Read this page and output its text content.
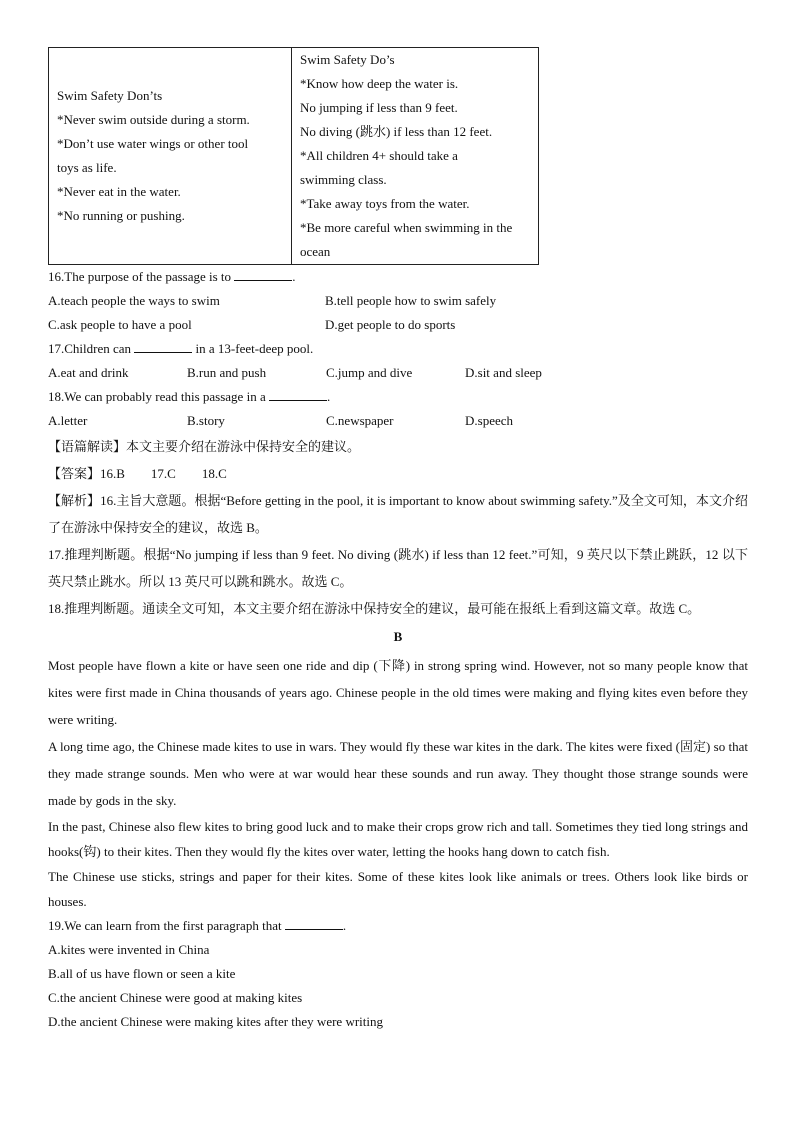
Swim Safety Don’ts
*Never swim outside during a storm.
*Don’t use water wings or other tool
toys as life.
*Never eat in the water.
*No running or pushing.

Swim Safety Do’s
*Know how deep the water is.
No jumping if less than 9 feet.
No diving (跳水) if less than 12 feet.
*All children 4+ should take a
swimming class.
*Take away toys from the water.
*Be more careful when swimming in the
ocean
16.The purpose of the passage is to	.
A.teach people the ways to swim	B.tell people how to swim safely
C.ask people to have a pool	D.get people to do sports
17.Children can	in a 13-feet-deep pool.
A.eat and drink	B.run and push	C.jump and dive	D.sit and sleep
18.We can probably read this passage in a	.
A.letter	B.story	C.newspaper	D.speech
【语篇解读】本文主要介绍在游泳中保持安全的建议。
【答案】16.B　　17.C　　18.C
【解析】16.主旨大意题。根据“Before getting in the pool, it is important to know about swimming safety.”及全文可知，本文介绍了在游泳中保持安全的建议，故选 B。
17.推理判断题。根据“No jumping if less than 9 feet. No diving (跳水) if less than 12 feet.”可知，9 英尺以下禁止跳跃，12 以下英尺禁止跳水。所以 13 英尺可以跳和跳水。故选 C。
18.推理判断题。通读全文可知，本文主要介绍在游泳中保持安全的建议，最可能在报纸上看到这篇文章。故选 C。
B
Most people have flown a kite or have seen one ride and dip (下降) in strong spring wind. However, not so many people know that kites were first made in China thousands of years ago. Chinese people in the old times were making and flying kites even before they were writing.
A long time ago, the Chinese made kites to use in wars. They would fly these war kites in the dark. The kites were fixed (固定) so that they made strange sounds. Men who were at war would hear these sounds and run away. They thought those strange sounds were made by gods in the sky.
In the past, Chinese also flew kites to bring good luck and to make their crops grow rich and tall. Sometimes they tied long strings and hooks(钩) to their kites. Then they would fly the kites over water, letting the hooks hang down to catch fish.
The Chinese use sticks, strings and paper for their kites. Some of these kites look like animals or trees. Others look like birds or houses.
19.We can learn from the first paragraph that	.
A.kites were invented in China
B.all of us have flown or seen a kite
C.the ancient Chinese were good at making kites
D.the ancient Chinese were making kites after they were writing
